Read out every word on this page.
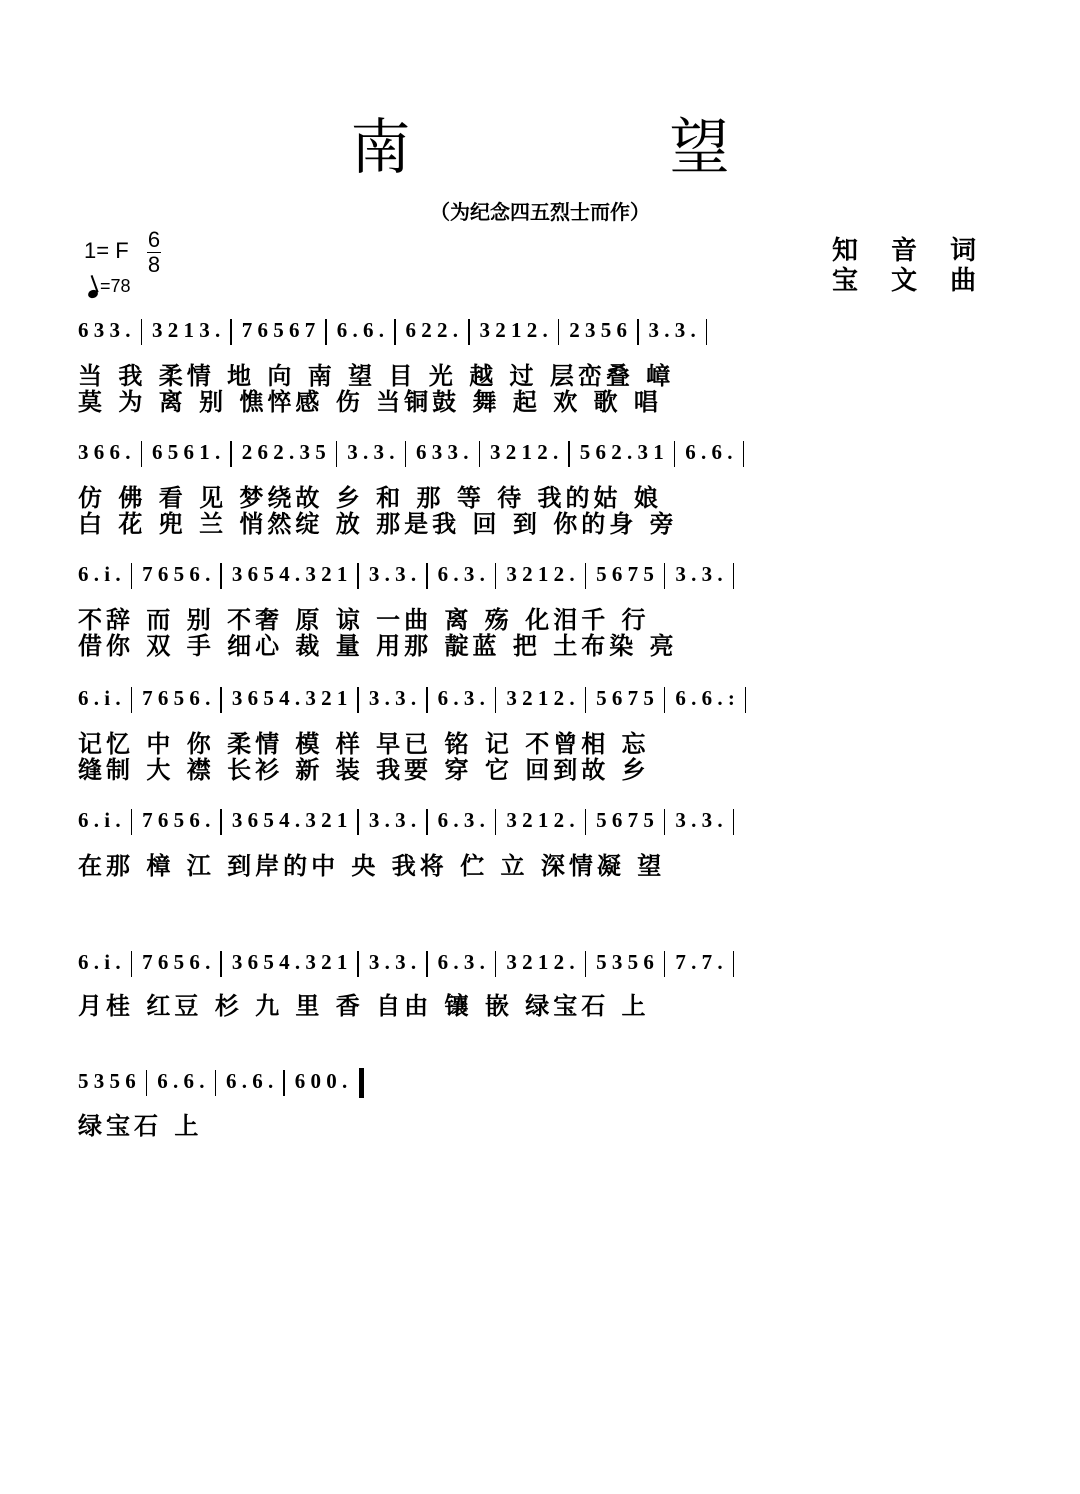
南 望
（为纪念四五烈士而作）
1= F 6
8
=78
知 音 词
宝 文 曲
6 3 3 . 3 2 1 3 . 7 6 5 6 7 6 . 6 . 6 2 2 . 3 2 1 2 . 2 3 5 6 3 . 3 .
当 我 柔情 地 向 南 望 目 光 越 过 层峦叠 嶂
莫 为 离 别 憔悴感 伤 当铜鼓 舞 起 欢 歌 唱
3 6 6 . 6 5 6 1 . 2 6 2 . 3 5 3 . 3 . 6 3 3 . 3 2 1 2 . 5 6 2 . 3 1 6 . 6 .
仿 佛 看 见 梦绕故 乡 和 那 等 待 我的姑 娘
白 花 兜 兰 悄然绽 放 那是我 回 到 你的身 旁
6 . i . 7 6 5 6 . 3 6 5 4 . 3 2 1 3 . 3 . 6 . 3 . 3 2 1 2 . 5 6 7 5 3 . 3 .
不辞 而 别 不奢 原 谅 一曲 离 殇 化泪千 行
借你 双 手 细心 裁 量 用那 靛蓝 把 土布染 亮
6 . i . 7 6 5 6 . 3 6 5 4 . 3 2 1 3 . 3 . 6 . 3 . 3 2 1 2 . 5 6 7 5 6 . 6 . :
记忆 中 你 柔情 模 样 早已 铭 记 不曾相 忘
缝制 大 襟 长衫 新 装 我要 穿 它 回到故 乡
6 . i . 7 6 5 6 . 3 6 5 4 . 3 2 1 3 . 3 . 6 . 3 . 3 2 1 2 . 5 6 7 5 3 . 3 .
在那 樟 江 到岸的中 央 我将 伫 立 深情凝 望
6 . i . 7 6 5 6 . 3 6 5 4 . 3 2 1 3 . 3 . 6 . 3 . 3 2 1 2 . 5 3 5 6 7 . 7 .
月桂 红豆 杉 九 里 香 自由 镶 嵌 绿宝石 上
5 3 5 6 6 . 6 . 6 . 6 . 6 0 0 .
绿宝石 上
